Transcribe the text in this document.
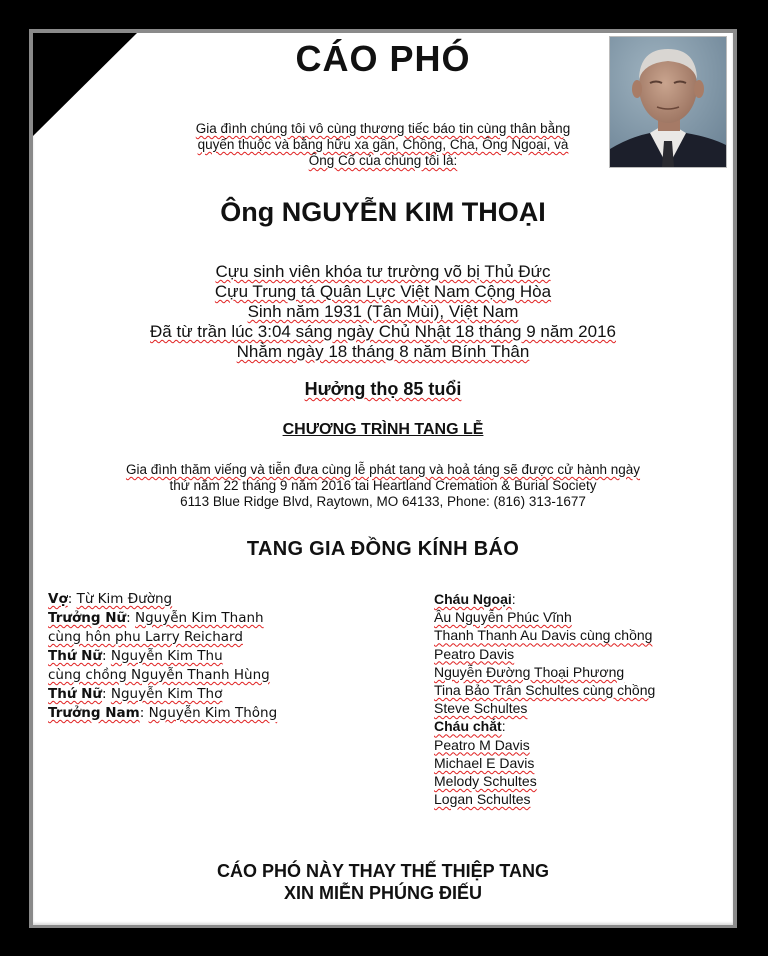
CÁO PHÓ
Gia đình chúng tôi vô cùng thương tiếc báo tin cùng thân bằng
quyến thuộc và bằng hữu xa gần, Chồng, Cha, Ông Ngoại, và
Ông Cố của chúng tôi là:
Ông NGUYỄN KIM THOẠI
Cựu sinh viên khóa tư trường võ bị Thủ Đức
Cựu Trung tá Quân Lực Việt Nam Cộng Hòa
Sinh năm 1931 (Tân Mùi), Việt Nam
Đã từ trần lúc 3:04 sáng ngày Chủ Nhật 18 tháng 9 năm 2016
Nhằm ngày 18 tháng 8 năm Bính Thân
Hưởng thọ 85 tuổi
CHƯƠNG TRÌNH TANG LỄ
Gia đình thăm viếng và tiễn đưa cùng lễ phát tang và hoả táng sẽ được cử hành ngày
thứ năm 22 tháng 9 năm 2016 tai Heartland Cremation & Burial Society
6113 Blue Ridge Blvd, Raytown, MO 64133, Phone: (816) 313-1677
TANG GIA ĐỒNG KÍNH BÁO
Vợ: Từ Kim Đường
Trưởng Nữ: Nguyễn Kim Thanh
cùng hôn phu Larry Reichard
Thứ Nữ: Nguyễn Kim Thu
cùng chồng Nguyễn Thanh Hùng
Thứ Nữ: Nguyễn Kim Thơ
Trưởng Nam: Nguyễn Kim Thông
Cháu Ngoại:
Âu Nguyễn Phúc Vĩnh
Thanh Thanh Au Davis cùng chồng
Peatro Davis
Nguyễn Đường Thoại Phương
Tina Bảo Trân Schultes cùng chồng
Steve Schultes
Cháu chắt:
Peatro M Davis
Michael E Davis
Melody Schultes
Logan Schultes
CÁO PHÓ NÀY THAY THẾ THIỆP TANG
XIN MIỄN PHÚNG ĐIẾU
